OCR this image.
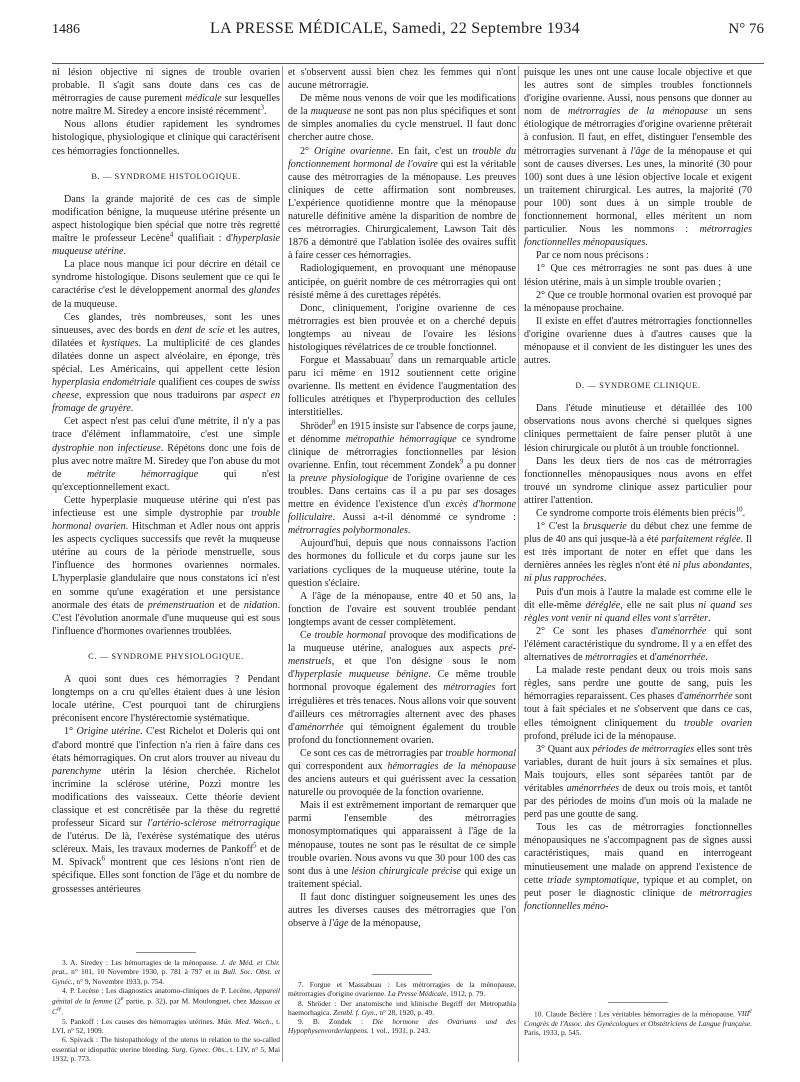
1486	LA PRESSE MÉDICALE, Samedi, 22 Septembre 1934	N° 76

ni lésion objective ni signes de trouble ovarien probable. Il s'agit sans doute dans ces cas de métrorragies de cause purement médicale sur lesquelles notre maître M. Siredey a encore insisté récemment$^3$.

Nous allons étudier rapidement les syndromes histologique, physiologique et clinique qui caractérisent ces hémorragies fonctionnelles.

B. — SYNDROME HISTOLOGIQUE.

Dans la grande majorité de ces cas de simple modification bénigne, la muqueuse utérine présente un aspect histologique bien spécial que notre très regretté maître le professeur Lecène$^4$ qualifiait : d'hyperplasie muqueuse utérine.

La place nous manque ici pour décrire en détail ce syndrome histologique. Disons seulement que ce qui le caractérise c'est le développement anormal des glandes de la muqueuse.

Ces glandes, très nombreuses, sont les unes sinueuses, avec des bords en dent de scie et les autres, dilatées et kystiques. La multiplicité de ces glandes dilatées donne un aspect alvéolaire, en éponge, très spécial. Les Américains, qui appellent cette lésion hyperplasia endométriale qualifient ces coupes de swiss cheese, expression que nous traduirons par aspect en fromage de gruyère.

Cet aspect n'est pas celui d'une métrite, il n'y a pas trace d'élément inflammatoire, c'est une simple dystrophie non infectieuse. Répétons donc une fois de plus avec notre maître M. Siredey que l'on abuse du mot de métrite hémorragique qui n'est qu'exceptionnellement exact.

Cette hyperplasie muqueuse utérine qui n'est pas infectieuse est une simple dystrophie par trouble hormonal ovarien. Hitschman et Adler nous ont appris les aspects cycliques successifs que revêt la muqueuse utérine au cours de la période menstruelle, sous l'influence des hormones ovariennes normales. L'hyperplasie glandulaire que nous constatons ici n'est en somme qu'une exagération et une persistance anormale des états de prémenstruation et de nidation. C'est l'évolution anormale d'une muqueuse qui est sous l'influence d'hormones ovariennes troublées.

C. — SYNDROME PHYSIOLOGIQUE.

A quoi sont dues ces hémorragies ? Pendant longtemps on a cru qu'elles étaient dues à une lésion locale utérine. C'est pourquoi tant de chirurgiens préconisent encore l'hystérectomie systématique.

1° Origine utérine. C'est Richelot et Doleris qui ont d'abord montré que l'infection n'a rien à faire dans ces états hémorragiques. On crut alors trouver au niveau du parenchyme utérin la lésion cherchée. Richelot incrimine la sclérose utérine, Pozzi montre les modifications des vaisseaux. Cette théorie devient classique et est concrétisée par la thèse du regretté professeur Sicard sur l'artério-sclérose métrorragique de l'utérus. De là, l'exérèse systématique des utérus scléreux. Mais, les travaux modernes de Pankoff$^5$ et de M. Spivack$^6$ montrent que ces lésions n'ont rien de spécifique. Elles sont fonction de l'âge et du nombre de grossesses antérieures

et s'observent aussi bien chez les femmes qui n'ont aucune métrorragie.

De même nous venons de voir que les modifications de la muqueuse ne sont pas non plus spécifiques et sont de simples anomalies du cycle menstruel. Il faut donc chercher autre chose.

2° Origine ovarienne. En fait, c'est un trouble du fonctionnement hormonal de l'ovaire qui est la véritable cause des métrorragies de la ménopause. Les preuves cliniques de cette affirmation sont nombreuses. L'expérience quotidienne montre que la ménopause naturelle définitive amène la disparition de nombre de ces métrorragies. Chirurgicalement, Lawson Tait dès 1876 a démontré que l'ablation isolée des ovaires suffit à faire cesser ces hémorragies.

Radiologiquement, en provoquant une ménopause anticipée, on guérit nombre de ces métrorragies qui ont résisté même à des curettages répétés.

Donc, cliniquement, l'origine ovarienne de ces métrorragies est bien prouvée et on a cherché depuis longtemps au niveau de l'ovaire les lésions histologiques révélatrices de ce trouble fonctionnel.

Forgue et Massabuau$^7$ dans un remarquable article paru ici même en 1912 soutiennent cette origine ovarienne. Ils mettent en évidence l'augmentation des follicules atrétiques et l'hyperproduction des cellules interstitielles.

Shröder$^8$ en 1915 insiste sur l'absence de corps jaune, et dénomme métropathie hémorragique ce syndrome clinique de métrorragies fonctionnelles par lésion ovarienne. Enfin, tout récemment Zondek$^9$ a pu donner la preuve physiologique de l'origine ovarienne de ces troubles. Dans certains cas il a pu par ses dosages mettre en évidence l'existence d'un excès d'hormone folliculaire. Aussi a-t-il dénommé ce syndrome : métrorragies polyhormonales.

Aujourd'hui, depuis que nous connaissons l'action des hormones du follicule et du corps jaune sur les variations cycliques de la muqueuse utérine, toute la question s'éclaire.

A l'âge de la ménopause, entre 40 et 50 ans, la fonction de l'ovaire est souvent troublée pendant longtemps avant de cesser complètement.

Ce trouble hormonal provoque des modifications de la muqueuse utérine, analogues aux aspects pré-menstruels, et que l'on désigne sous le nom d'hyperplasie muqueuse bénigne. Ce même trouble hormonal provoque également des métrorragies fort irrégulières et très tenaces. Nous allons voir que souvent d'ailleurs ces métrorragies alternent avec des phases d'aménorrhée qui témoignent également du trouble profond du fonctionnement ovarien.

Ce sont ces cas de métrorragies par trouble hormonal qui correspondent aux hémorragies de la ménopause des anciens auteurs et qui guérissent avec la cessation naturelle ou provoquée de la fonction ovarienne.

Mais il est extrêmement important de remarquer que parmi l'ensemble des métrorragies monosymptomatiques qui apparaissent à l'âge de la ménopause, toutes ne sont pas le résultat de ce simple trouble ovarien. Nous avons vu que 30 pour 100 des cas sont dus à une lésion chirurgicale précise qui exige un traitement spécial.

Il faut donc distinguer soigneusement les unes des autres les diverses causes des métrorragies que l'on observe à l'âge de la ménopause,

puisque les unes ont une cause locale objective et que les autres sont de simples troubles fonctionnels d'origine ovarienne. Aussi, nous pensons que donner au nom de métrorragies de la ménopause un sens étiologique de métrorragies d'origine ovarienne prêterait à confusion. Il faut, en effet, distinguer l'ensemble des métrorragies survenant à l'âge de la ménopause et qui sont de causes diverses. Les unes, la minorité (30 pour 100) sont dues à une lésion objective locale et exigent un traitement chirurgical. Les autres, la majorité (70 pour 100) sont dues à un simple trouble de fonctionnement hormonal, elles méritent un nom particulier. Nous les nommons : métrorragies fonctionnelles ménopausiques.

Par ce nom nous précisons :

1° Que ces métrorragies ne sont pas dues à une lésion utérine, mais à un simple trouble ovarien ;

2° Que ce trouble hormonal ovarien est provoqué par la ménopause prochaine.

Il existe en effet d'autres métrorragies fonctionnelles d'origine ovarienne dues à d'autres causes que la ménopause et il convient de les distinguer les unes des autres.

D. — SYNDROME CLINIQUE.

Dans l'étude minutieuse et détaillée des 100 observations nous avons cherché si quelques signes cliniques permettaient de faire penser plutôt à une lésion chirurgicale ou plutôt à un trouble fonctionnel.

Dans les deux tiers de nos cas de métrorragies fonctionnelles ménopausiques nous avons en effet trouvé un syndrome clinique assez particulier pour attirer l'attention.

Ce syndrome comporte trois éléments bien précis$^{10}$.

1° C'est la brusquerie du début chez une femme de plus de 40 ans qui jusque-là a été parfaitement réglée. Il est très important de noter en effet que dans les dernières années les règles n'ont été ni plus abondantes, ni plus rapprochées.

Puis d'un mois à l'autre la malade est comme elle le dit elle-même déréglée, elle ne sait plus ni quand ses règles vont venir ni quand elles vont s'arrêter.

2° Ce sont les phases d'aménorrhée qui sont l'élément caractéristique du syndrome. Il y a en effet des alternatives de métrorragies et d'aménorrhée.

La malade reste pendant deux ou trois mois sans règles, sans perdre une goutte de sang, puis les hémorragies reparaissent. Ces phases d'aménorrhée sont tout à fait spéciales et ne s'observent que dans ce cas, elles témoignent cliniquement du trouble ovarien profond, prélude ici de la ménopause.

3° Quant aux périodes de métrorragies elles sont très variables, durant de huit jours à six semaines et plus. Mais toujours, elles sont séparées tantôt par de véritables aménorrhées de deux ou trois mois, et tantôt par des périodes de moins d'un mois où la malade ne perd pas une goutte de sang.

Tous les cas de métrorragies fonctionnelles ménopausiques ne s'accompagnent pas de signes aussi caractéristiques, mais quand en interrogeant minutieusement une malade on apprend l'existence de cette triade symptomatique, typique et au complet, on peut poser le diagnostic clinique de métrorragies fonctionnelles méno-

3. A. Siredey : Les hémorragies de la ménopause. J. de Méd. et Chir. prat., n° 101, 10 Novembre 1930, p. 781 à 797 et in Bull. Soc. Obst. et Gynéc., n° 9, Novembre 1933, p. 754.

4. P. Lecène : Les diagnostics anatomo-cliniques de P. Lecène, Appareil génital de la femme (2e partie, p. 32), par M. Moulonguet, chez Masson et $C^{ie}$.

5. Pankoff : Les causes des hémorragies utérines. Mün. Med. Woch., t. LVI, n° 52, 1909.

6. Spivack : The histopathology of the uterus in relation to the so-called essential or idiopathic uterine bleeding. Surg. Gynec. Obs., t. LIV, n° 5, Mai 1932, p. 773.

7. Forgue et Massabuau : Les métrorragies de la ménopause, métrorragies d'origine ovarienne. La Presse Médicale, 1912, p. 79.

8. Shröder : Der anatomische und klinische Begriff der Metropathia haemorhagica. Zentbl. f. Gyn., n° 28, 1920, p. 49.

9. B. Zondek : Die hormone des Ovariums und des Hypophysenvorderlappens. 1 vol., 1931, p. 243.

10. Claude Béclère : Les véritables hémorragies de la ménopause. VIIIe Congrès de l'Assoc. des Gynécologues et Obstétriciens de Langue française. Paris, 1933, p. 545.
